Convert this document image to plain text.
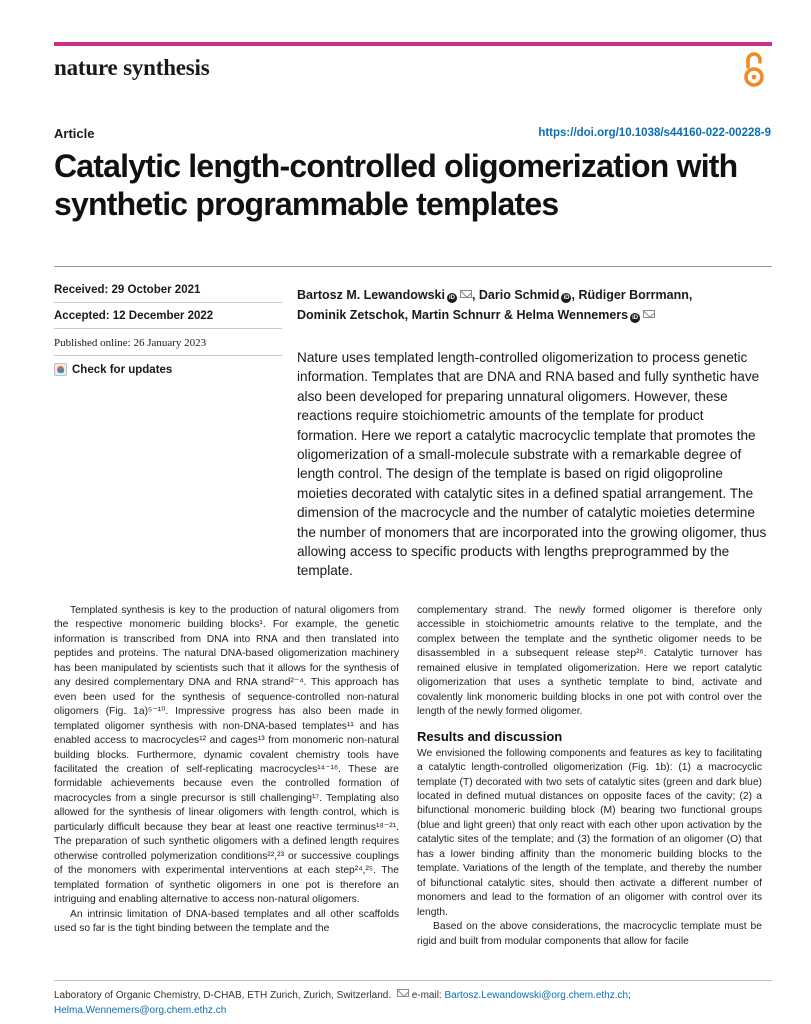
nature synthesis
Article	https://doi.org/10.1038/s44160-022-00228-9
Catalytic length-controlled oligomerization with synthetic programmable templates
Received: 29 October 2021
Accepted: 12 December 2022
Published online: 26 January 2023
Check for updates
Bartosz M. Lewandowski iD , Dario Schmid iD , Rüdiger Borrmann,
Dominik Zetschok, Martin Schnurr & Helma Wennemers iD

Nature uses templated length-controlled oligomerization to process genetic information. Templates that are DNA and RNA based and fully synthetic have also been developed for preparing unnatural oligomers. However, these reactions require stoichiometric amounts of the template for product formation. Here we report a catalytic macrocyclic template that promotes the oligomerization of a small-molecule substrate with a remarkable degree of length control. The design of the template is based on rigid oligoproline moieties decorated with catalytic sites in a defined spatial arrangement. The dimension of the macrocycle and the number of catalytic moieties determine the number of monomers that are incorporated into the growing oligomer, thus allowing access to specific products with lengths preprogrammed by the template.

Templated synthesis is key to the production of natural oligomers from the respective monomeric building blocks¹. For example, the genetic information is transcribed from DNA into RNA and then translated into peptides and proteins. The natural DNA-based oligomerization machinery has been manipulated by scientists such that it allows for the synthesis of any desired complementary DNA and RNA strand²⁻⁴. This approach has even been used for the synthesis of sequence-controlled non-natural oligomers (Fig. 1a)⁵⁻¹⁰. Impressive progress has also been made in templated oligomer synthesis with non-DNA-based templates¹¹ and has enabled access to macrocycles¹² and cages¹³ from monomeric non-natural building blocks. Furthermore, dynamic covalent chemistry tools have facilitated the creation of self-replicating macrocycles¹⁴⁻¹⁶. These are formidable achievements because even the controlled formation of macrocycles from a single precursor is still challenging¹⁷. Templating also allowed for the synthesis of linear oligomers with length control, which is particularly difficult because they bear at least one reactive terminus¹⁸⁻²¹. The preparation of such synthetic oligomers with a defined length requires otherwise controlled polymerization conditions²²,²³ or successive couplings of the monomers with experimental interventions at each step²⁴,²⁵. The templated formation of synthetic oligomers in one pot is therefore an intriguing and enabling alternative to access non-natural oligomers.

An intrinsic limitation of DNA-based templates and all other scaffolds used so far is the tight binding between the template and the

complementary strand. The newly formed oligomer is therefore only accessible in stoichiometric amounts relative to the template, and the complex between the template and the synthetic oligomer needs to be disassembled in a subsequent release step²⁶. Catalytic turnover has remained elusive in templated oligomerization. Here we report catalytic oligomerization that uses a synthetic template to bind, activate and covalently link monomeric building blocks in one pot with control over the length of the newly formed oligomer.

Results and discussion

We envisioned the following components and features as key to facilitating a catalytic length-controlled oligomerization (Fig. 1b): (1) a macrocyclic template (T) decorated with two sets of catalytic sites (green and dark blue) located in defined mutual distances on opposite faces of the cavity; (2) a bifunctional monomeric building block (M) bearing two functional groups (blue and light green) that only react with each other upon activation by the catalytic sites of the template; and (3) the formation of an oligomer (O) that has a lower binding affinity than the monomeric building blocks to the template. Variations of the length of the template, and thereby the number of bifunctional catalytic sites, should then activate a different number of monomers and lead to the formation of an oligomer with control over its length.

Based on the above considerations, the macrocyclic template must be rigid and built from modular components that allow for facile

Laboratory of Organic Chemistry, D-CHAB, ETH Zurich, Zurich, Switzerland. e-mail: Bartosz.Lewandowski@org.chem.ethz.ch;
Helma.Wennemers@org.chem.ethz.ch
